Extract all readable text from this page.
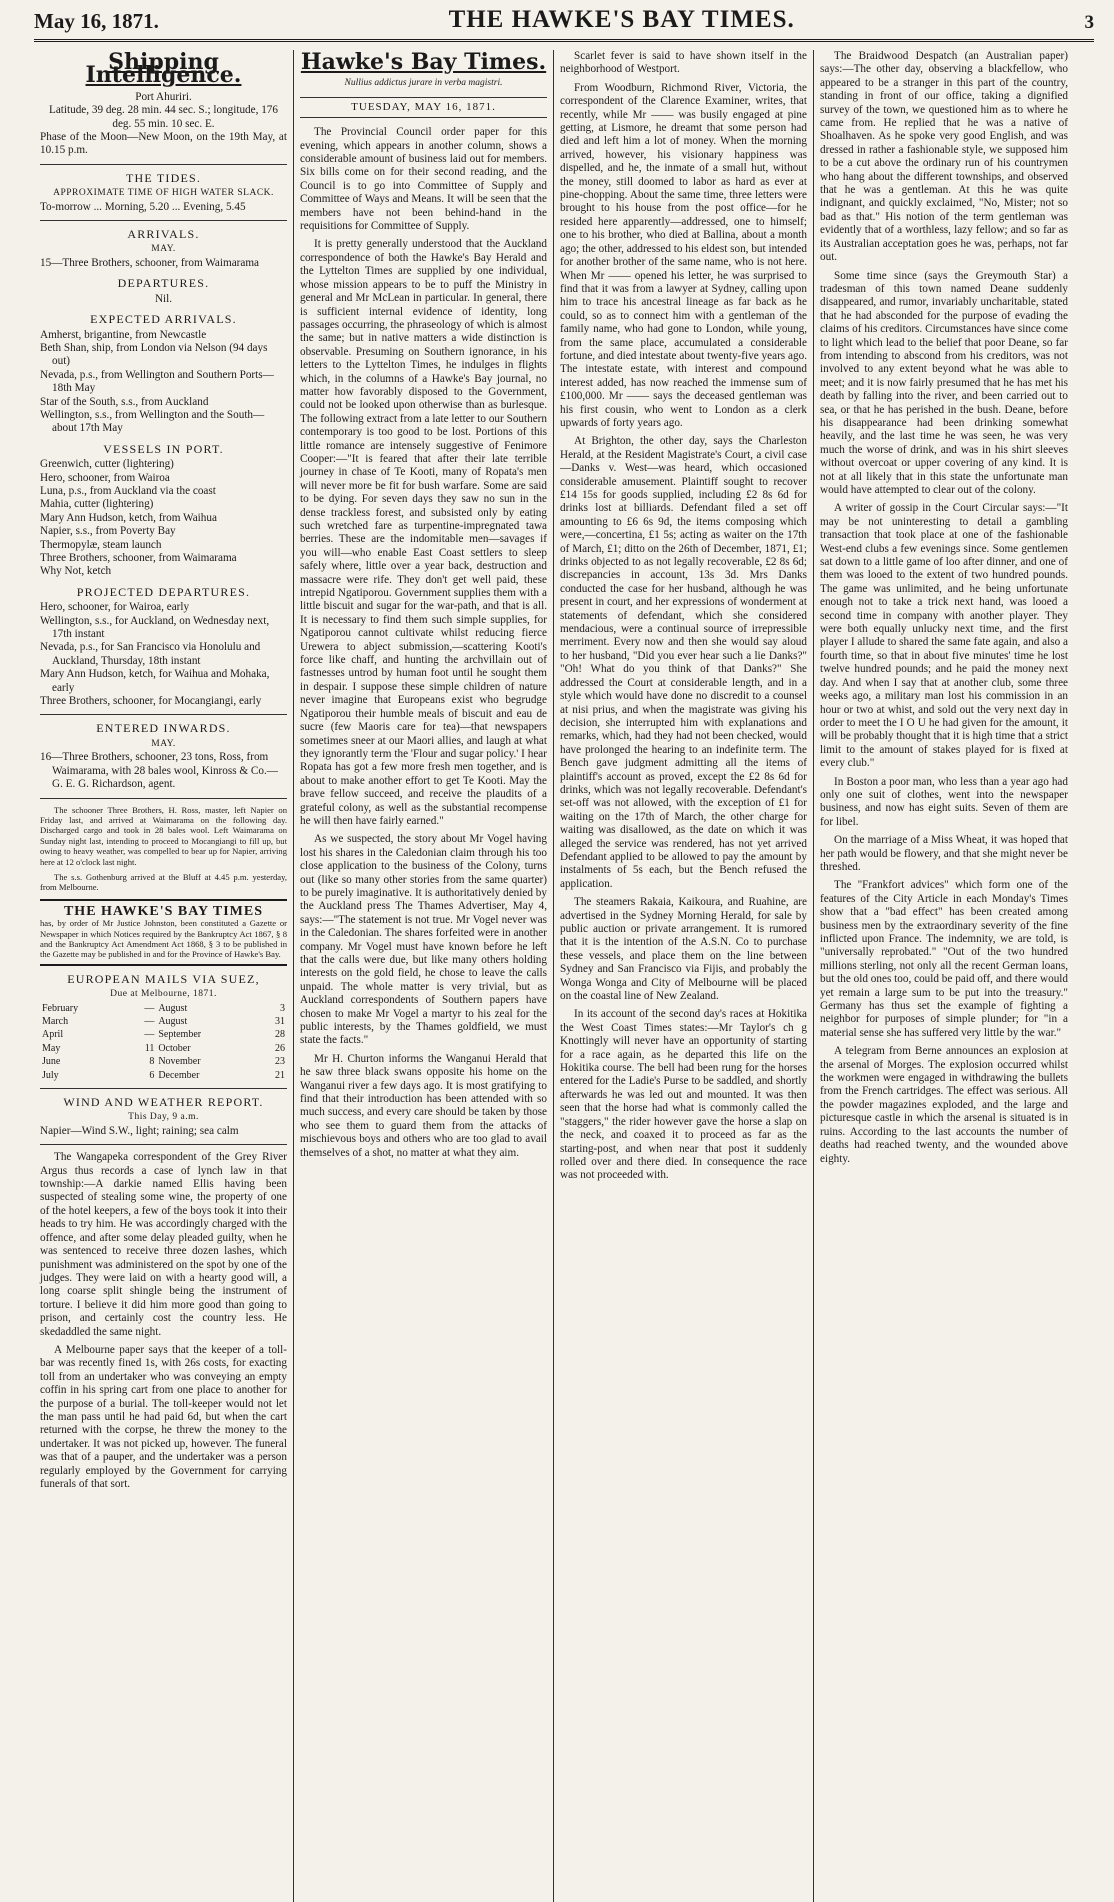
May 16, 1871.	THE HAWKE'S BAY TIMES.	3
Shipping Intelligence.
Port Ahuriri.
Latitude, 39 deg. 28 min. 44 sec. S.; longitude, 176 deg. 55 min. 10 sec. E.
Phase of the Moon—New Moon, on the 19th May, at 10.15 p.m.
THE TIDES.
APPROXIMATE TIME OF HIGH WATER SLACK.
To-morrow ... Morning, 5.20 ... Evening, 5.45
ARRIVALS.
MAY.
15—Three Brothers, schooner, from Waimarama
DEPARTURES.
Nil.
EXPECTED ARRIVALS.
Amherst, brigantine, from Newcastle
Beth Shan, ship, from London via Nelson (94 days out)
Nevada, p.s., from Wellington and Southern Ports—18th May
Star of the South, s.s., from Auckland
Wellington, s.s., from Wellington and the South—about 17th May
VESSELS IN PORT.
Greenwich, cutter (lightering)
Hero, schooner, from Wairoa
Luna, p.s., from Auckland via the coast
Mahia, cutter (lightering)
Mary Ann Hudson, ketch, from Waihua
Napier, s.s., from Poverty Bay
Thermopylæ, steam launch
Three Brothers, schooner, from Waimarama
Why Not, ketch
PROJECTED DEPARTURES.
Hero, schooner, for Wairoa, early
Wellington, s.s., for Auckland, on Wednesday next, 17th instant
Nevada, p.s., for San Francisco via Honolulu and Auckland, Thursday, 18th instant
Mary Ann Hudson, ketch, for Waihua and Mohaka, early
Three Brothers, schooner, for Mocangiangi, early
ENTERED INWARDS.
MAY.
16—Three Brothers, schooner, 23 tons, Ross, from Waimarama, with 28 bales wool, Kinross & Co.—G. E. G. Richardson, agent.

The schooner Three Brothers, H. Ross, master, left Napier on Friday last, and arrived at Waimarama on the following day. Discharged cargo and took in 28 bales wool. Left Waimarama on Sunday night last, intending to proceed to Mocangiangi to fill up, but owing to heavy weather, was compelled to bear up for Napier, arriving here at 12 o'clock last night.

The s.s. Gothenburg arrived at the Bluff at 4.45 p.m. yesterday, from Melbourne.

THE HAWKE'S BAY TIMES
has, by order of Mr Justice Johnston, been constituted a Gazette or Newspaper in which Notices required by the Bankruptcy Act 1867, § 8 and the Bankruptcy Act Amendment Act 1868, § 3 to be published in the Gazette may be published in and for the Province of Hawke's Bay.
EUROPEAN MAILS VIA SUEZ,
Due at Melbourne, 1871.
February	—	August	3
March	—	August	31
April	—	September	28
May	11	October	26
June	8	November	23
July	6	December	21
WIND AND WEATHER REPORT.
This Day, 9 a.m.
Napier—Wind S.W., light; raining; sea calm

The Wangapeka correspondent of the Grey River Argus thus records a case of lynch law in that township:—A darkie named Ellis having been suspected of stealing some wine, the property of one of the hotel keepers, a few of the boys took it into their heads to try him. He was accordingly charged with the offence, and after some delay pleaded guilty, when he was sentenced to receive three dozen lashes, which punishment was administered on the spot by one of the judges. They were laid on with a hearty good will, a long coarse split shingle being the instrument of torture. I believe it did him more good than going to prison, and certainly cost the country less. He skedaddled the same night.

A Melbourne paper says that the keeper of a toll-bar was recently fined 1s, with 26s costs, for exacting toll from an undertaker who was conveying an empty coffin in his spring cart from one place to another for the purpose of a burial. The toll-keeper would not let the man pass until he had paid 6d, but when the cart returned with the corpse, he threw the money to the undertaker. It was not picked up, however. The funeral was that of a pauper, and the undertaker was a person regularly employed by the Government for carrying funerals of that sort.

Hawke's Bay Times.
Nullius addictus jurare in verba magistri.
TUESDAY, MAY 16, 1871.

The Provincial Council order paper for this evening, which appears in another column, shows a considerable amount of business laid out for members. Six bills come on for their second reading, and the Council is to go into Committee of Supply and Committee of Ways and Means. It will be seen that the members have not been behind-hand in the requisitions for Committee of Supply.

It is pretty generally understood that the Auckland correspondence of both the Hawke's Bay Herald and the Lyttelton Times are supplied by one individual, whose mission appears to be to puff the Ministry in general and Mr McLean in particular. In general, there is sufficient internal evidence of identity, long passages occurring, the phraseology of which is almost the same; but in native matters a wide distinction is observable. Presuming on Southern ignorance, in his letters to the Lyttelton Times, he indulges in flights which, in the columns of a Hawke's Bay journal, no matter how favorably disposed to the Government, could not be looked upon otherwise than as burlesque. The following extract from a late letter to our Southern contemporary is too good to be lost. Portions of this little romance are intensely suggestive of Fenimore Cooper:—"It is feared that after their late terrible journey in chase of Te Kooti, many of Ropata's men will never more be fit for bush warfare. Some are said to be dying. For seven days they saw no sun in the dense trackless forest, and subsisted only by eating such wretched fare as turpentine-impregnated tawa berries. These are the indomitable men—savages if you will—who enable East Coast settlers to sleep safely where, little over a year back, destruction and massacre were rife. They don't get well paid, these intrepid Ngatiporou. Government supplies them with a little biscuit and sugar for the war-path, and that is all. It is necessary to find them such simple supplies, for Ngatiporou cannot cultivate whilst reducing fierce Urewera to abject submission,—scattering Kooti's force like chaff, and hunting the archvillain out of fastnesses untrod by human foot until he sought them in despair. I suppose these simple children of nature never imagine that Europeans exist who begrudge Ngatiporou their humble meals of biscuit and eau de sucre (few Maoris care for tea)—that newspapers sometimes sneer at our Maori allies, and laugh at what they ignorantly term the 'Flour and sugar policy.' I hear Ropata has got a few more fresh men together, and is about to make another effort to get Te Kooti. May the brave fellow succeed, and receive the plaudits of a grateful colony, as well as the substantial recompense he will then have fairly earned."

As we suspected, the story about Mr Vogel having lost his shares in the Caledonian claim through his too close application to the business of the Colony, turns out (like so many other stories from the same quarter) to be purely imaginative. It is authoritatively denied by the Auckland press The Thames Advertiser, May 4, says:—"The statement is not true. Mr Vogel never was in the Caledonian. The shares forfeited were in another company. Mr Vogel must have known before he left that the calls were due, but like many others holding interests on the gold field, he chose to leave the calls unpaid. The whole matter is very trivial, but as Auckland correspondents of Southern papers have chosen to make Mr Vogel a martyr to his zeal for the public interests, by the Thames goldfield, we must state the facts."

Mr H. Churton informs the Wanganui Herald that he saw three black swans opposite his home on the Wanganui river a few days ago. It is most gratifying to find that their introduction has been attended with so much success, and every care should be taken by those who see them to guard them from the attacks of mischievous boys and others who are too glad to avail themselves of a shot, no matter at what they aim.

Scarlet fever is said to have shown itself in the neighborhood of Westport.

From Woodburn, Richmond River, Victoria, the correspondent of the Clarence Examiner, writes, that recently, while Mr —— was busily engaged at pine getting, at Lismore, he dreamt that some person had died and left him a lot of money. When the morning arrived, however, his visionary happiness was dispelled, and he, the inmate of a small hut, without the money, still doomed to labor as hard as ever at pine-chopping. About the same time, three letters were brought to his house from the post office—for he resided here apparently—addressed, one to himself; one to his brother, who died at Ballina, about a month ago; the other, addressed to his eldest son, but intended for another brother of the same name, who is not here. When Mr —— opened his letter, he was surprised to find that it was from a lawyer at Sydney, calling upon him to trace his ancestral lineage as far back as he could, so as to connect him with a gentleman of the family name, who had gone to London, while young, from the same place, accumulated a considerable fortune, and died intestate about twenty-five years ago. The intestate estate, with interest and compound interest added, has now reached the immense sum of £100,000. Mr —— says the deceased gentleman was his first cousin, who went to London as a clerk upwards of forty years ago.

At Brighton, the other day, says the Charleston Herald, at the Resident Magistrate's Court, a civil case—Danks v. West—was heard, which occasioned considerable amusement. Plaintiff sought to recover £14 15s for goods supplied, including £2 8s 6d for drinks lost at billiards. Defendant filed a set off amounting to £6 6s 9d, the items composing which were,—concertina, £1 5s; acting as waiter on the 17th of March, £1; ditto on the 26th of December, 1871, £1; drinks objected to as not legally recoverable, £2 8s 6d; discrepancies in account, 13s 3d. Mrs Danks conducted the case for her husband, although he was present in court, and her expressions of wonderment at statements of defendant, which she considered mendacious, were a continual source of irrepressible merriment. Every now and then she would say aloud to her husband, "Did you ever hear such a lie Danks?" "Oh! What do you think of that Danks?" She addressed the Court at considerable length, and in a style which would have done no discredit to a counsel at nisi prius, and when the magistrate was giving his decision, she interrupted him with explanations and remarks, which, had they had not been checked, would have prolonged the hearing to an indefinite term. The Bench gave judgment admitting all the items of plaintiff's account as proved, except the £2 8s 6d for drinks, which was not legally recoverable. Defendant's set-off was not allowed, with the exception of £1 for waiting on the 17th of March, the other charge for waiting was disallowed, as the date on which it was alleged the service was rendered, has not yet arrived Defendant applied to be allowed to pay the amount by instalments of 5s each, but the Bench refused the application.

The steamers Rakaia, Kaikoura, and Ruahine, are advertised in the Sydney Morning Herald, for sale by public auction or private arrangement. It is rumored that it is the intention of the A.S.N. Co to purchase these vessels, and place them on the line between Sydney and San Francisco via Fijis, and probably the Wonga Wonga and City of Melbourne will be placed on the coastal line of New Zealand.

In its account of the second day's races at Hokitika the West Coast Times states:—Mr Taylor's ch g Knottingly will never have an opportunity of starting for a race again, as he departed this life on the Hokitika course. The bell had been rung for the horses entered for the Ladie's Purse to be saddled, and shortly afterwards he was led out and mounted. It was then seen that the horse had what is commonly called the "staggers," the rider however gave the horse a slap on the neck, and coaxed it to proceed as far as the starting-post, and when near that post it suddenly rolled over and there died. In consequence the race was not proceeded with.

The Braidwood Despatch (an Australian paper) says:—The other day, observing a blackfellow, who appeared to be a stranger in this part of the country, standing in front of our office, taking a dignified survey of the town, we questioned him as to where he came from. He replied that he was a native of Shoalhaven. As he spoke very good English, and was dressed in rather a fashionable style, we supposed him to be a cut above the ordinary run of his countrymen who hang about the different townships, and observed that he was a gentleman. At this he was quite indignant, and quickly exclaimed, "No, Mister; not so bad as that." His notion of the term gentleman was evidently that of a worthless, lazy fellow; and so far as its Australian acceptation goes he was, perhaps, not far out.

Some time since (says the Greymouth Star) a tradesman of this town named Deane suddenly disappeared, and rumor, invariably uncharitable, stated that he had absconded for the purpose of evading the claims of his creditors. Circumstances have since come to light which lead to the belief that poor Deane, so far from intending to abscond from his creditors, was not involved to any extent beyond what he was able to meet; and it is now fairly presumed that he has met his death by falling into the river, and been carried out to sea, or that he has perished in the bush. Deane, before his disappearance had been drinking somewhat heavily, and the last time he was seen, he was very much the worse of drink, and was in his shirt sleeves without overcoat or upper covering of any kind. It is not at all likely that in this state the unfortunate man would have attempted to clear out of the colony.

A writer of gossip in the Court Circular says:—"It may be not uninteresting to detail a gambling transaction that took place at one of the fashionable West-end clubs a few evenings since. Some gentlemen sat down to a little game of loo after dinner, and one of them was looed to the extent of two hundred pounds. The game was unlimited, and he being unfortunate enough not to take a trick next hand, was looed a second time in company with another player. They were both equally unlucky next time, and the first player I allude to shared the same fate again, and also a fourth time, so that in about five minutes' time he lost twelve hundred pounds; and he paid the money next day. And when I say that at another club, some three weeks ago, a military man lost his commission in an hour or two at whist, and sold out the very next day in order to meet the I O U he had given for the amount, it will be probably thought that it is high time that a strict limit to the amount of stakes played for is fixed at every club."

In Boston a poor man, who less than a year ago had only one suit of clothes, went into the newspaper business, and now has eight suits. Seven of them are for libel.

On the marriage of a Miss Wheat, it was hoped that her path would be flowery, and that she might never be threshed.

The "Frankfort advices" which form one of the features of the City Article in each Monday's Times show that a "bad effect" has been created among business men by the extraordinary severity of the fine inflicted upon France. The indemnity, we are told, is "universally reprobated." "Out of the two hundred millions sterling, not only all the recent German loans, but the old ones too, could be paid off, and there would yet remain a large sum to be put into the treasury." Germany has thus set the example of fighting a neighbor for purposes of simple plunder; for "in a material sense she has suffered very little by the war."

A telegram from Berne announces an explosion at the arsenal of Morges. The explosion occurred whilst the workmen were engaged in withdrawing the bullets from the French cartridges. The effect was serious. All the powder magazines exploded, and the large and picturesque castle in which the arsenal is situated is in ruins. According to the last accounts the number of deaths had reached twenty, and the wounded above eighty.
